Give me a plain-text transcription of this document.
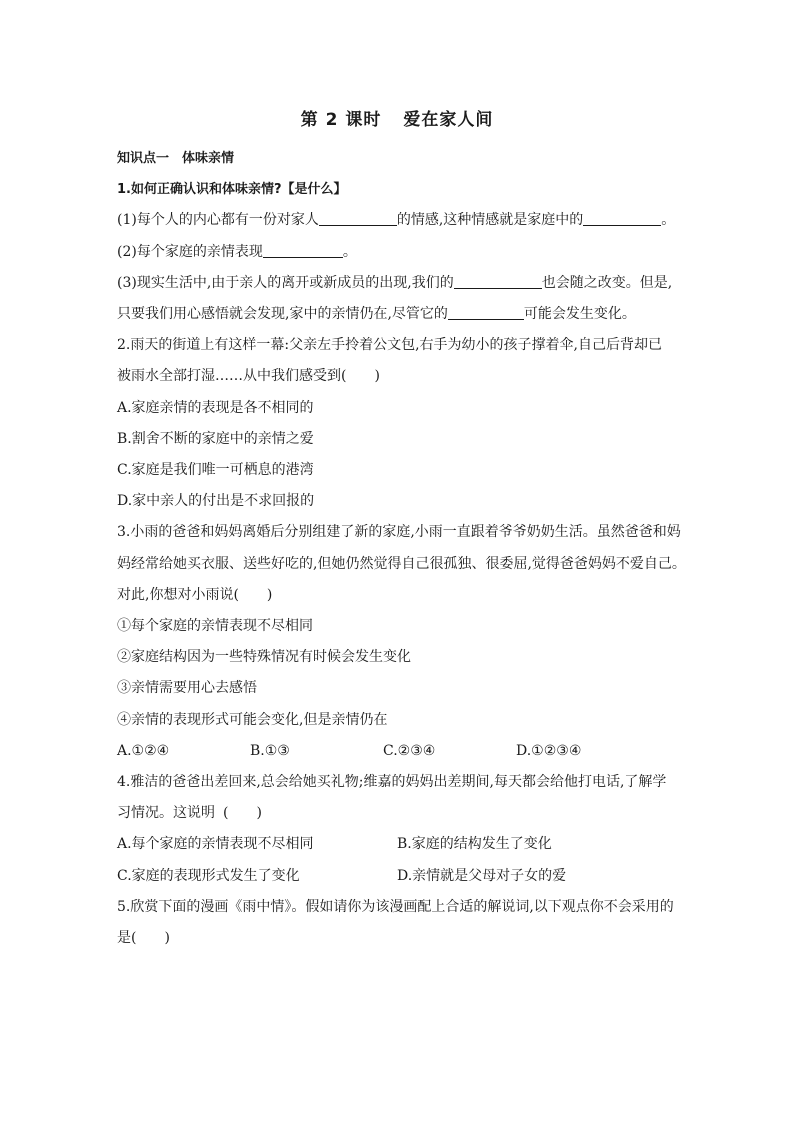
第 2 课时 爱在家人间
知识点一　体味亲情
1.如何正确认识和体味亲情?【是什么】
(1)每个人的内心都有一份对家人	的情感,这种情感就是家庭中的	。
(2)每个家庭的亲情表现	。
(3)现实生活中,由于亲人的离开或新成员的出现,我们的	也会随之改变。但是,
只要我们用心感悟就会发现,家中的亲情仍在,尽管它的	可能会发生变化。
2.雨天的街道上有这样一幕:父亲左手拎着公文包,右手为幼小的孩子撑着伞,自己后背却已
被雨水全部打湿……从中我们感受到( )
A.家庭亲情的表现是各不相同的
B.割舍不断的家庭中的亲情之爱
C.家庭是我们唯一可栖息的港湾
D.家中亲人的付出是不求回报的
3.小雨的爸爸和妈妈离婚后分别组建了新的家庭,小雨一直跟着爷爷奶奶生活。虽然爸爸和妈
妈经常给她买衣服、送些好吃的,但她仍然觉得自己很孤独、很委屈,觉得爸爸妈妈不爱自己。
对此,你想对小雨说( )
①每个家庭的亲情表现不尽相同
②家庭结构因为一些特殊情况有时候会发生变化
③亲情需要用心去感悟
④亲情的表现形式可能会变化,但是亲情仍在
A.①②④	B.①③	C.②③④	D.①②③④
4.雅洁的爸爸出差回来,总会给她买礼物;维嘉的妈妈出差期间,每天都会给他打电话,了解学
习情况。这说明 ( )
A.每个家庭的亲情表现不尽相同	B.家庭的结构发生了变化
C.家庭的表现形式发生了变化	D.亲情就是父母对子女的爱
5.欣赏下面的漫画《雨中情》。假如请你为该漫画配上合适的解说词,以下观点你不会采用的
是( )
